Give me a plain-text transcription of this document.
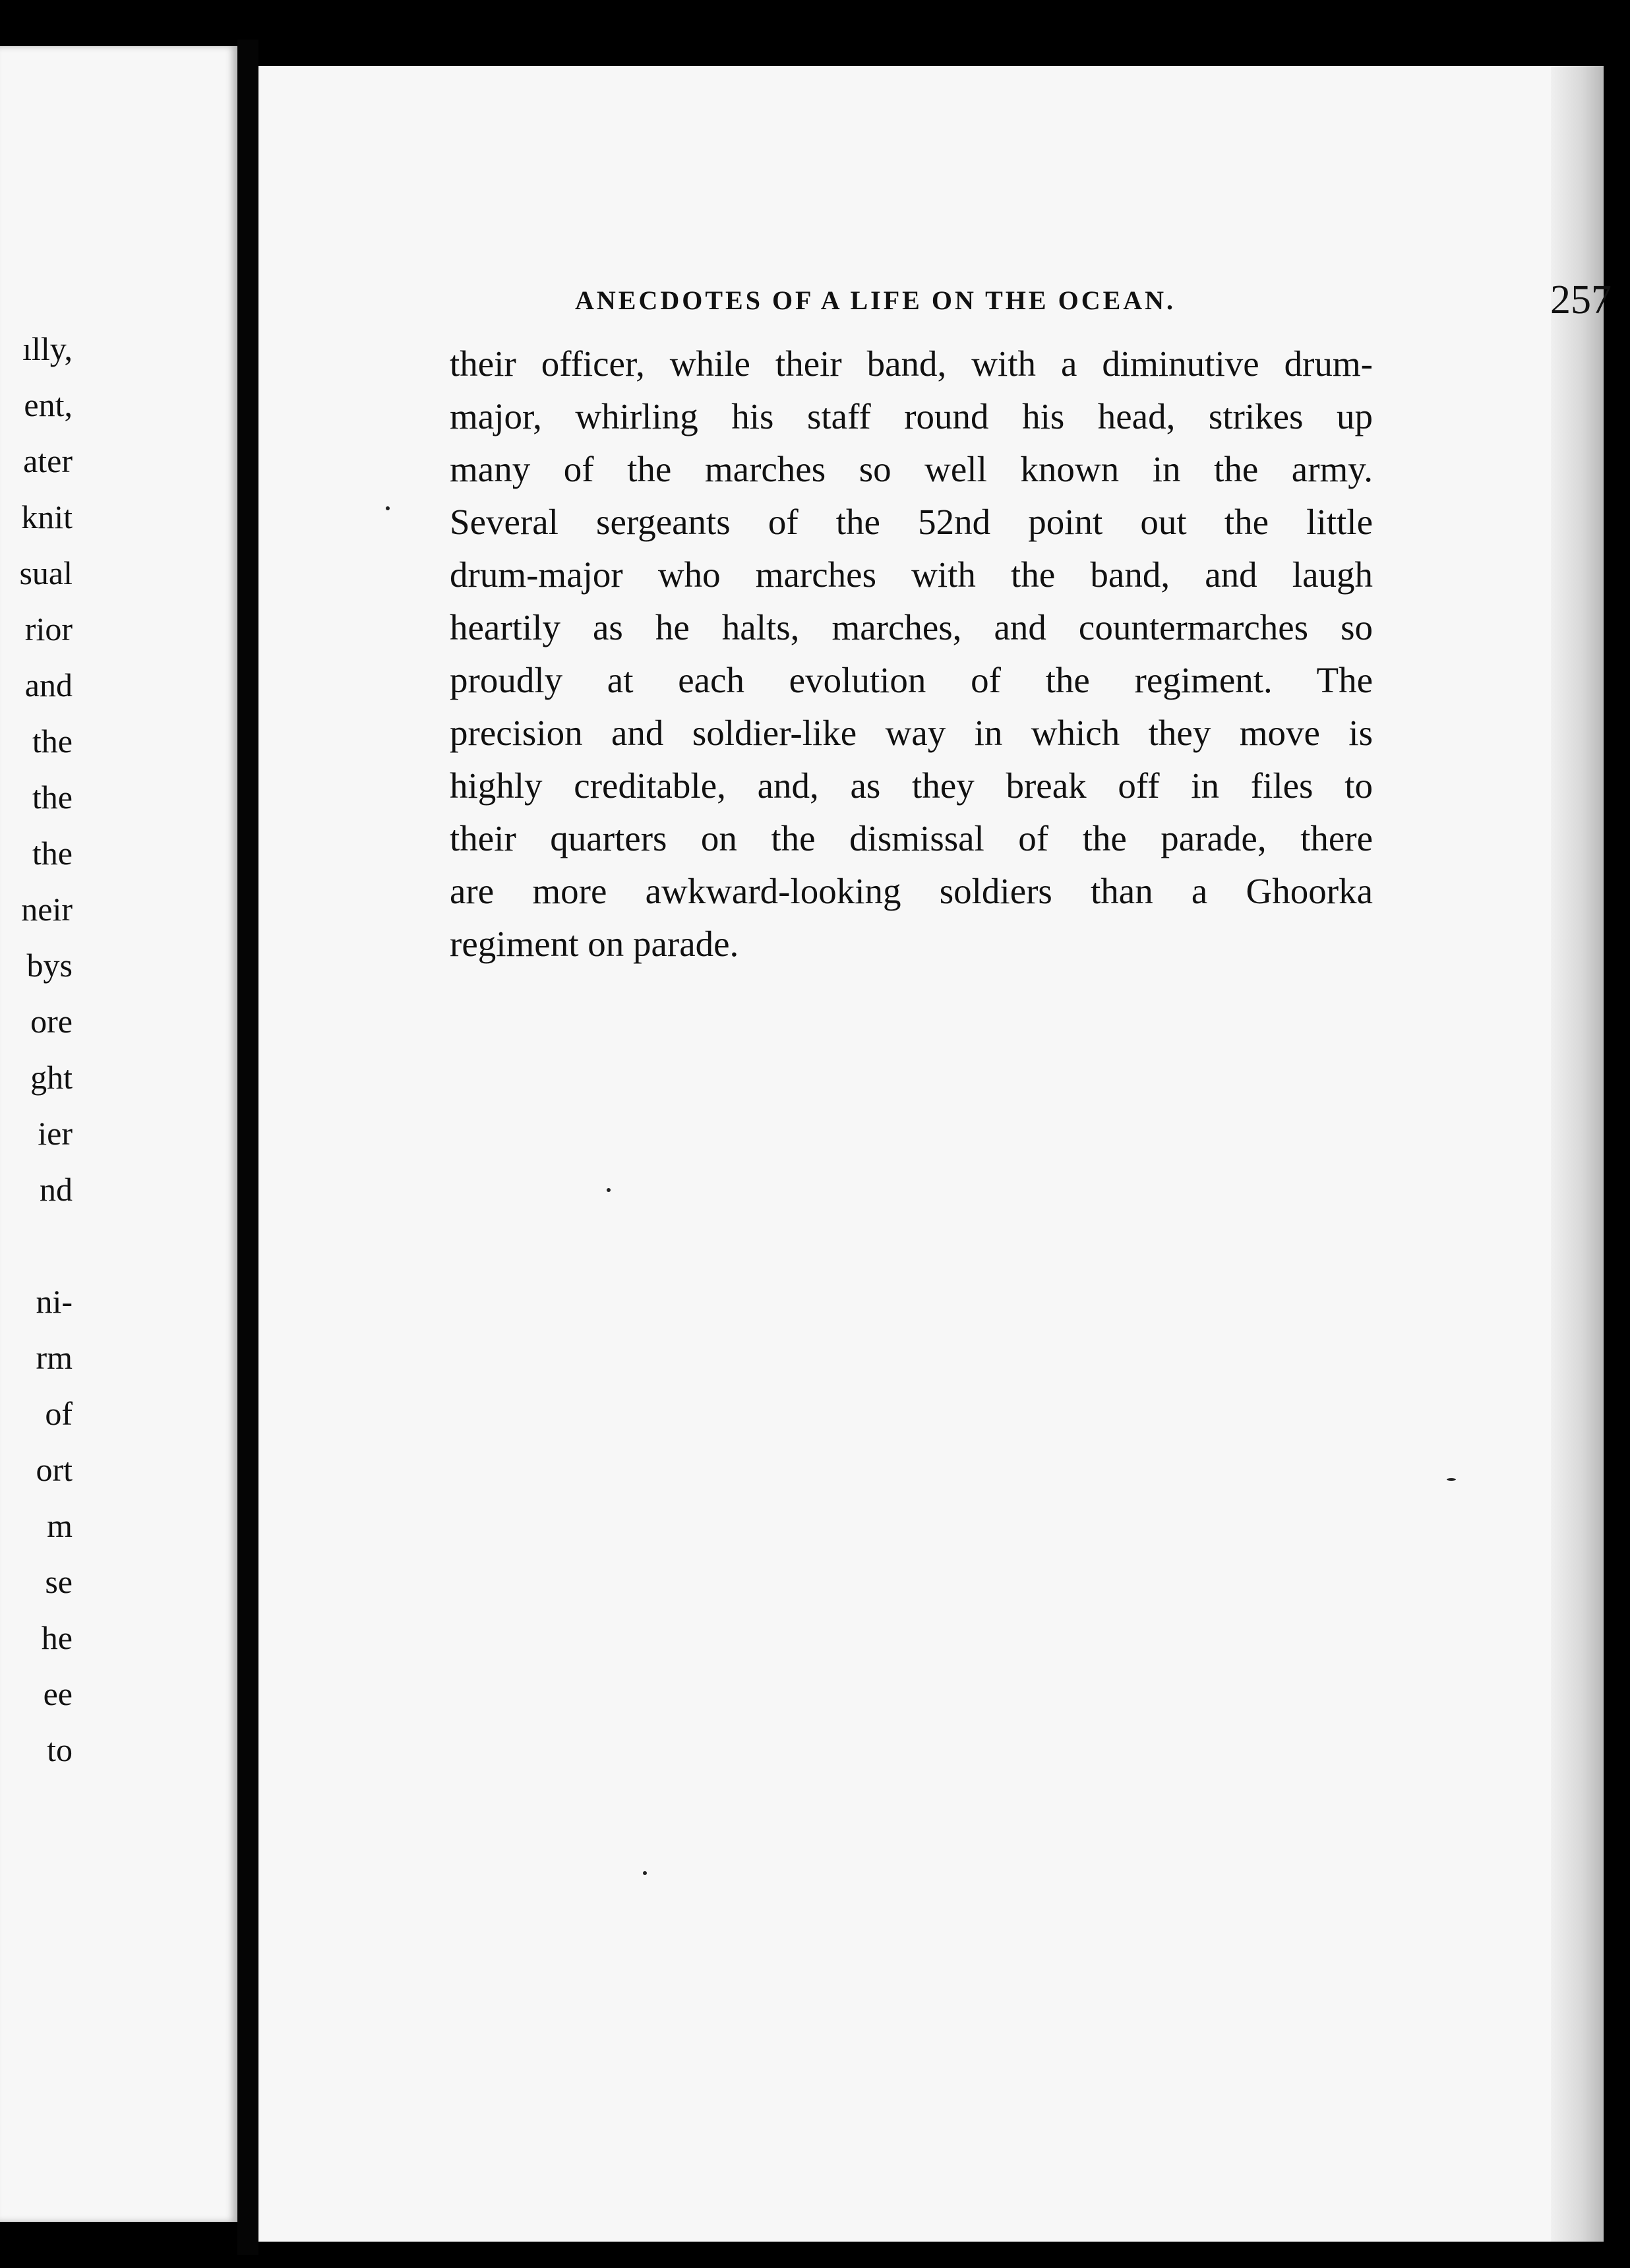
ılly,
ent,
ater
knit
sual
rior
and
the
the
the
neir
bys
ore
ght
ier
nd
ni-
rm
of
ort
m
se
he
ee
to
ANECDOTES OF A LIFE ON THE OCEAN.	257
their officer, while their band, with a diminutive drum-
major, whirling his staff round his head, strikes up
many of the marches so well known in the army.
Several sergeants of the 52nd point out the little
drum-major who marches with the band, and laugh
heartily as he halts, marches, and countermarches so
proudly at each evolution of the regiment. The
precision and soldier-like way in which they move is
highly creditable, and, as they break off in files to
their quarters on the dismissal of the parade, there
are more awkward-looking soldiers than a Ghoorka
regiment on parade.
